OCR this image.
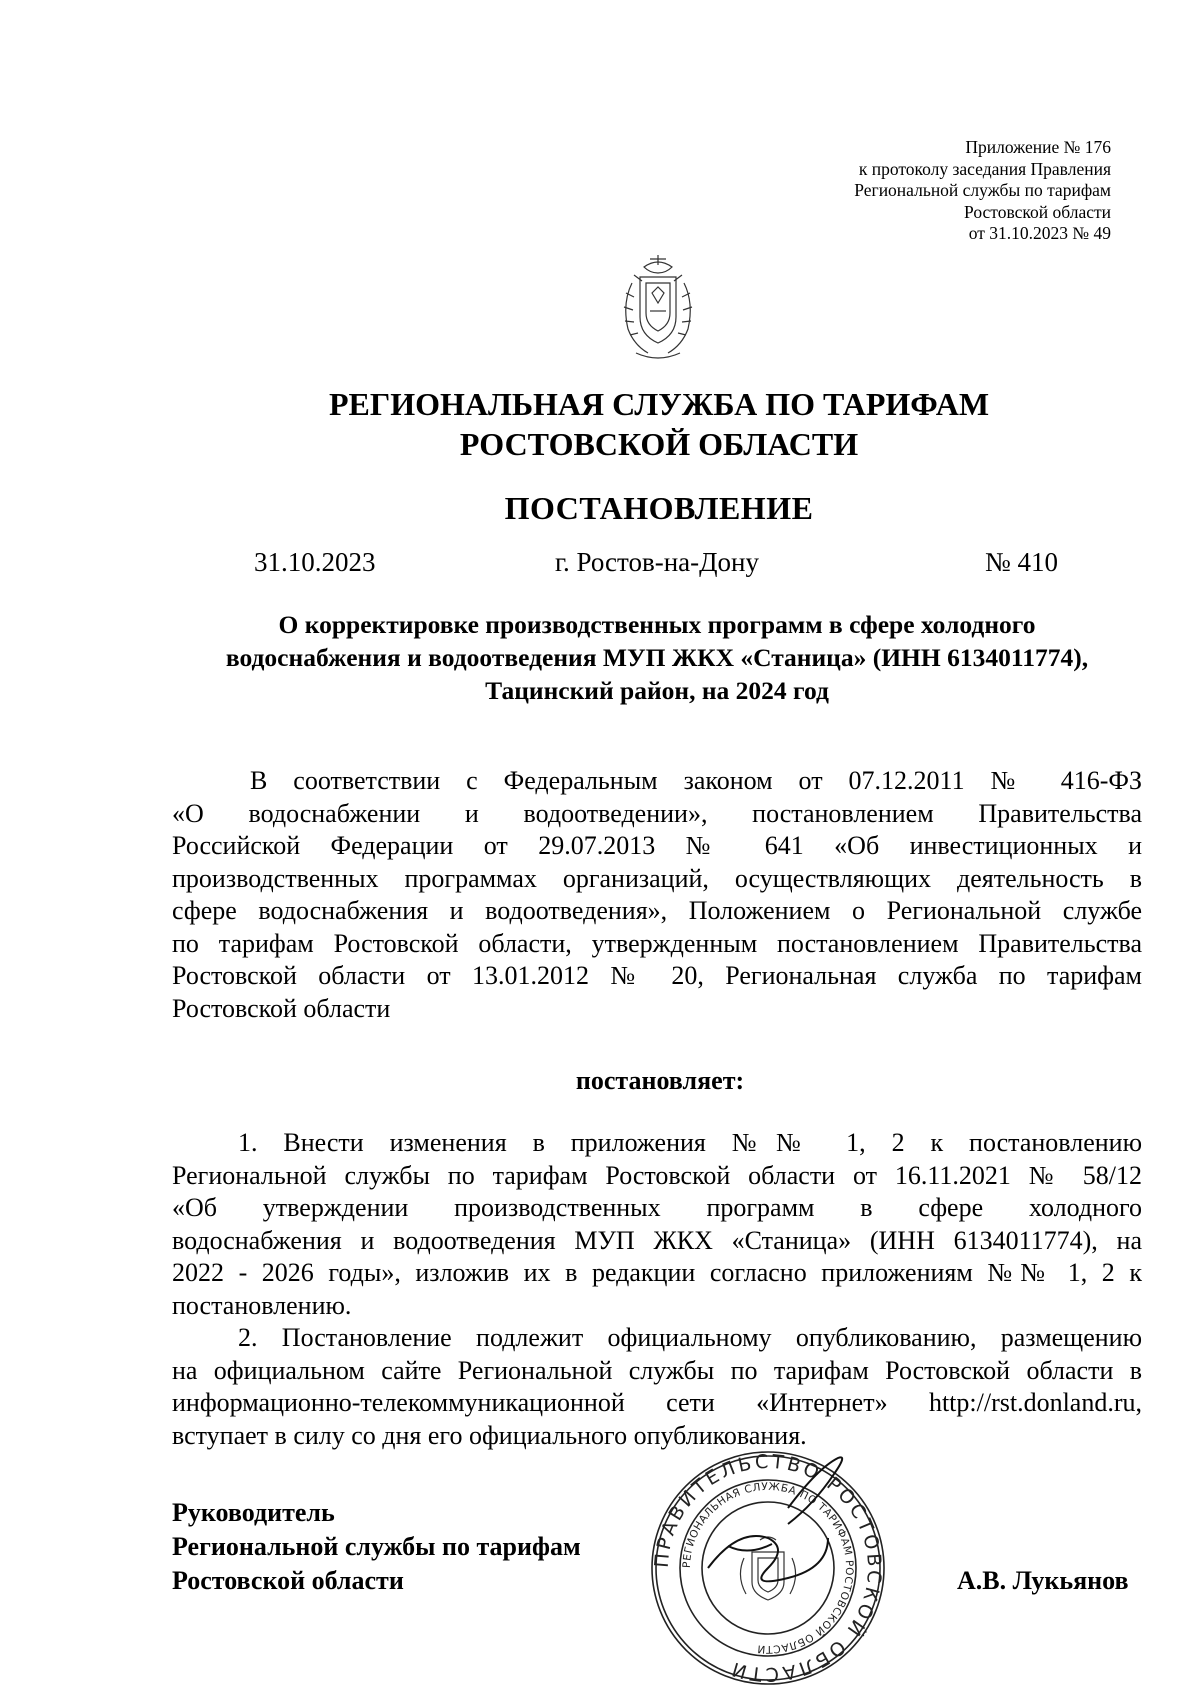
Приложение № 176
к протоколу заседания Правления
Региональной службы по тарифам
Ростовской области
от 31.10.2023 № 49
РЕГИОНАЛЬНАЯ СЛУЖБА ПО ТАРИФАМ
РОСТОВСКОЙ ОБЛАСТИ
ПОСТАНОВЛЕНИЕ
31.10.2023	г. Ростов-на-Дону	№ 410
О корректировке производственных программ в сфере холодного
водоснабжения и водоотведения МУП ЖКХ «Станица» (ИНН 6134011774),
Тацинский район, на 2024 год
В соответствии с Федеральным законом от 07.12.2011 № 416-ФЗ
«О водоснабжении и водоотведении», постановлением Правительства
Российской Федерации от 29.07.2013 № 641 «Об инвестиционных и
производственных программах организаций, осуществляющих деятельность в
сфере водоснабжения и водоотведения», Положением о Региональной службе
по тарифам Ростовской области, утвержденным постановлением Правительства
Ростовской области от 13.01.2012 № 20, Региональная служба по тарифам
Ростовской области
постановляет:
1. Внести изменения в приложения №№ 1, 2 к постановлению
Региональной службы по тарифам Ростовской области от 16.11.2021 № 58/12
«Об утверждении производственных программ в сфере холодного
водоснабжения и водоотведения МУП ЖКХ «Станица» (ИНН 6134011774), на
2022 - 2026 годы», изложив их в редакции согласно приложениям №№ 1, 2 к
постановлению.
2. Постановление подлежит официальному опубликованию, размещению
на официальном сайте Региональной службы по тарифам Ростовской области в
информационно-телекоммуникационной сети «Интернет» http://rst.donland.ru,
вступает в силу со дня его официального опубликования.
Руководитель
Региональной службы по тарифам
Ростовской области
ПРАВИТЕЛЬСТВО РОСТОВСКОЙ ОБЛАСТИ
РЕГИОНАЛЬНАЯ СЛУЖБА ПО ТАРИФАМ РОСТОВСКОЙ ОБЛАСТИ
А.В. Лукьянов
